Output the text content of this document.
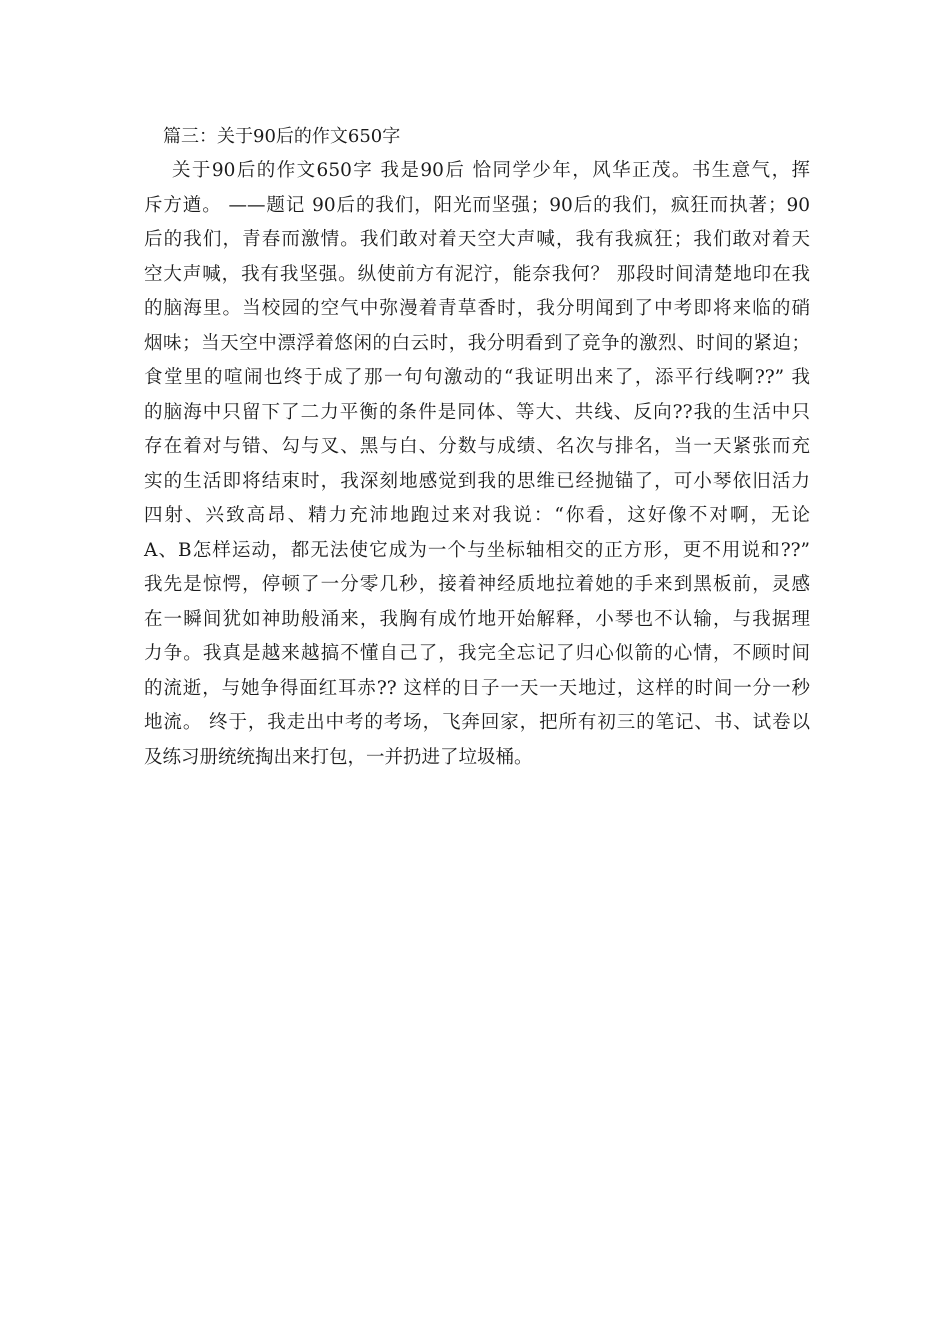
篇三：关于90后的作文650字
关于90后的作文650字 我是90后 恰同学少年，风华正茂。书生意气，挥
斥方遒。 ——题记 90后的我们，阳光而坚强；90后的我们，疯狂而执著；90
后的我们，青春而激情。我们敢对着天空大声喊，我有我疯狂；我们敢对着天
空大声喊，我有我坚强。纵使前方有泥泞，能奈我何？ 那段时间清楚地印在我
的脑海里。当校园的空气中弥漫着青草香时，我分明闻到了中考即将来临的硝
烟味；当天空中漂浮着悠闲的白云时，我分明看到了竞争的激烈、时间的紧迫；
食堂里的喧闹也终于成了那一句句激动的“我证明出来了，添平行线啊??” 我
的脑海中只留下了二力平衡的条件是同体、等大、共线、反向??我的生活中只
存在着对与错、勾与叉、黑与白、分数与成绩、名次与排名，当一天紧张而充
实的生活即将结束时，我深刻地感觉到我的思维已经抛锚了，可小琴依旧活力
四射、兴致高昂、精力充沛地跑过来对我说：“你看，这好像不对啊，无论
A、B怎样运动，都无法使它成为一个与坐标轴相交的正方形，更不用说和??”
我先是惊愕，停顿了一分零几秒，接着神经质地拉着她的手来到黑板前，灵感
在一瞬间犹如神助般涌来，我胸有成竹地开始解释，小琴也不认输，与我据理
力争。我真是越来越搞不懂自己了，我完全忘记了归心似箭的心情，不顾时间
的流逝，与她争得面红耳赤?? 这样的日子一天一天地过，这样的时间一分一秒
地流。 终于，我走出中考的考场，飞奔回家，把所有初三的笔记、书、试卷以
及练习册统统掏出来打包，一并扔进了垃圾桶。
